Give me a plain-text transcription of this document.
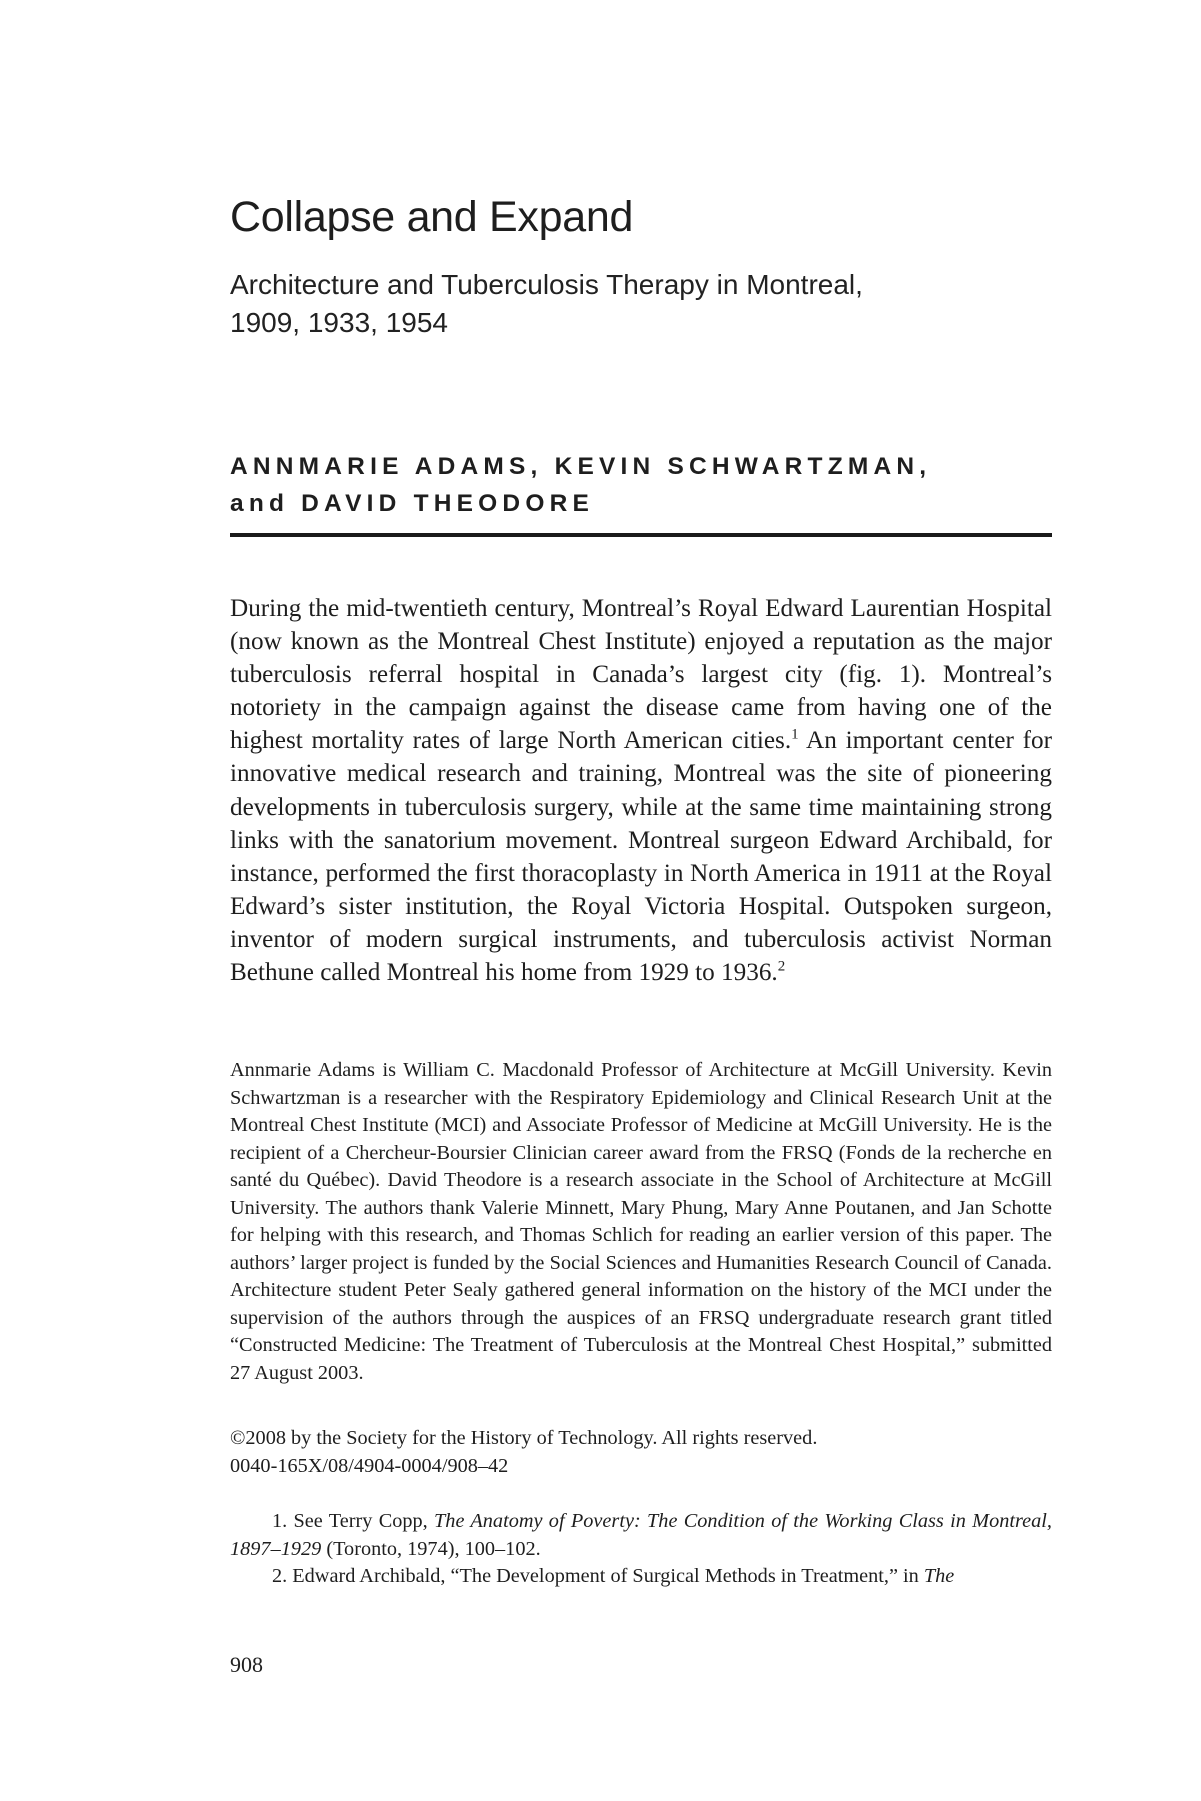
Collapse and Expand
Architecture and Tuberculosis Therapy in Montreal,
1909, 1933, 1954
ANNMARIE ADAMS, KEVIN SCHWARTZMAN,
and DAVID THEODORE

During the mid-twentieth century, Montreal’s Royal Edward Laurentian Hospital (now known as the Montreal Chest Institute) enjoyed a reputation as the major tuberculosis referral hospital in Canada’s largest city (fig. 1). Montreal’s notoriety in the campaign against the disease came from having one of the highest mortality rates of large North American cities.$^1$ An important center for innovative medical research and training, Montreal was the site of pioneering developments in tuberculosis surgery, while at the same time maintaining strong links with the sanatorium movement. Montreal surgeon Edward Archibald, for instance, performed the first thoracoplasty in North America in 1911 at the Royal Edward’s sister institution, the Royal Victoria Hospital. Outspoken surgeon, inventor of modern surgical instruments, and tuberculosis activist Norman Bethune called Montreal his home from 1929 to 1936.$^2$

Annmarie Adams is William C. Macdonald Professor of Architecture at McGill University. Kevin Schwartzman is a researcher with the Respiratory Epidemiology and Clinical Research Unit at the Montreal Chest Institute (MCI) and Associate Professor of Medicine at McGill University. He is the recipient of a Chercheur-Boursier Clinician career award from the FRSQ (Fonds de la recherche en santé du Québec). David Theodore is a research associate in the School of Architecture at McGill University. The authors thank Valerie Minnett, Mary Phung, Mary Anne Poutanen, and Jan Schotte for helping with this research, and Thomas Schlich for reading an earlier version of this paper. The authors’ larger project is funded by the Social Sciences and Humanities Research Council of Canada. Architecture student Peter Sealy gathered general information on the history of the MCI under the supervision of the authors through the auspices of an FRSQ undergraduate research grant titled “Constructed Medicine: The Treatment of Tuberculosis at the Montreal Chest Hospital,” submitted 27 August 2003.

©2008 by the Society for the History of Technology. All rights reserved.

0040-165X/08/4904-0004/908–42

1. See Terry Copp, The Anatomy of Poverty: The Condition of the Working Class in Montreal, 1897–1929 (Toronto, 1974), 100–102.

2. Edward Archibald, “The Development of Surgical Methods in Treatment,” in The

908
